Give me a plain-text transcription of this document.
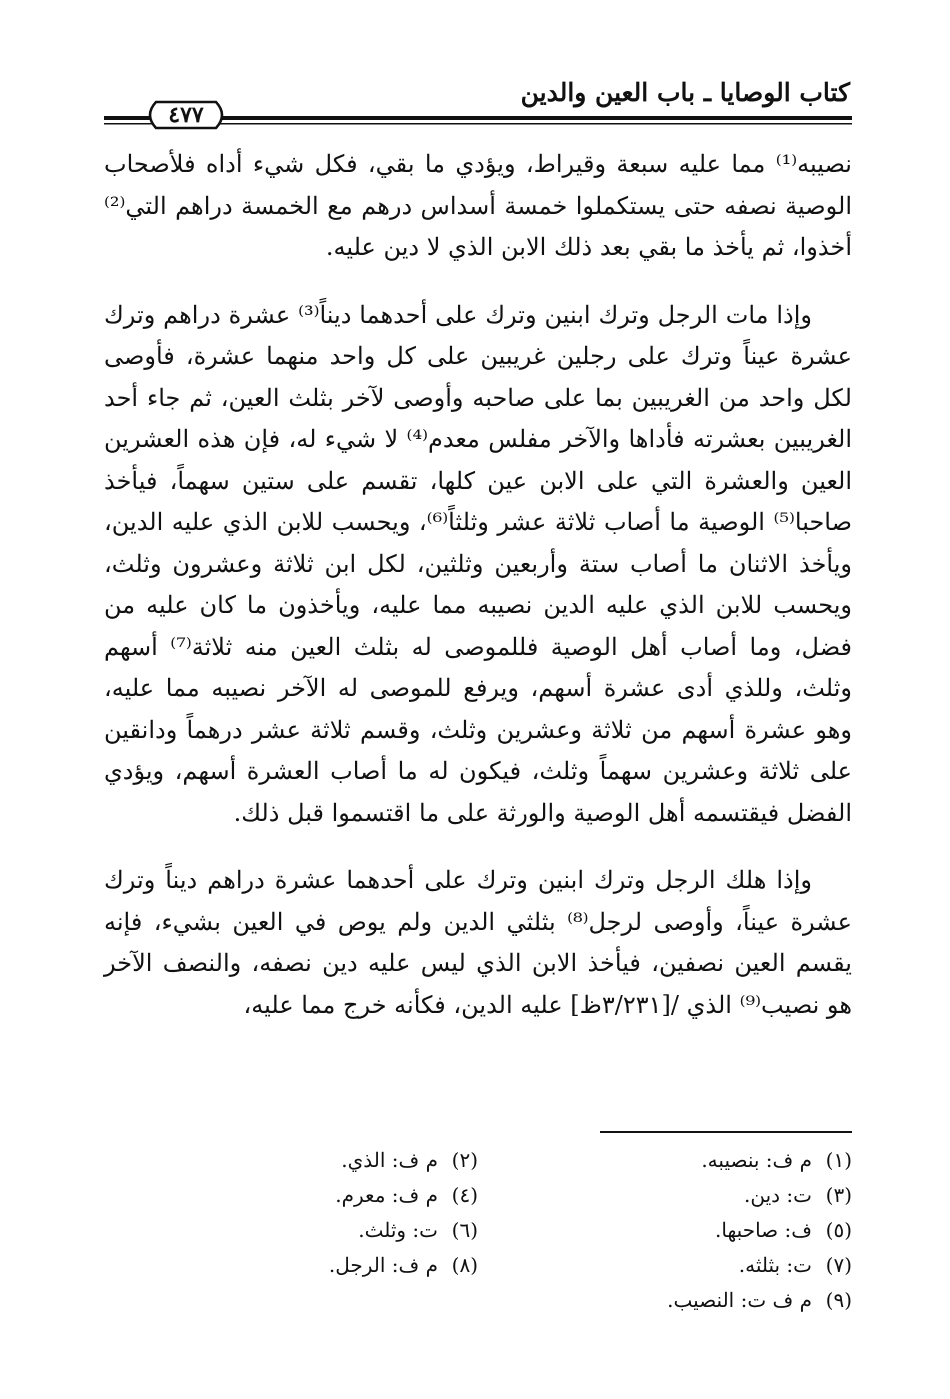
كتاب الوصايا ـ باب العين والدين
٤٧٧

نصيبه⁽¹⁾ مما عليه سبعة وقيراط، ويؤدي ما بقي، فكل شيء أداه فلأصحاب الوصية نصفه حتى يستكملوا خمسة أسداس درهم مع الخمسة دراهم التي⁽²⁾ أخذوا، ثم يأخذ ما بقي بعد ذلك الابن الذي لا دين عليه.

وإذا مات الرجل وترك ابنين وترك على أحدهما ديناً⁽³⁾ عشرة دراهم وترك عشرة عيناً وترك على رجلين غريبين على كل واحد منهما عشرة، فأوصى لكل واحد من الغريبين بما على صاحبه وأوصى لآخر بثلث العين، ثم جاء أحد الغريبين بعشرته فأداها والآخر مفلس معدم⁽⁴⁾ لا شيء له، فإن هذه العشرين العين والعشرة التي على الابن عين كلها، تقسم على ستين سهماً، فيأخذ صاحبا⁽⁵⁾ الوصية ما أصاب ثلاثة عشر وثلثاً⁽⁶⁾، ويحسب للابن الذي عليه الدين، ويأخذ الاثنان ما أصاب ستة وأربعين وثلثين، لكل ابن ثلاثة وعشرون وثلث، ويحسب للابن الذي عليه الدين نصيبه مما عليه، ويأخذون ما كان عليه من فضل، وما أصاب أهل الوصية فللموصى له بثلث العين منه ثلاثة⁽⁷⁾ أسهم وثلث، وللذي أدى عشرة أسهم، ويرفع للموصى له الآخر نصيبه مما عليه، وهو عشرة أسهم من ثلاثة وعشرين وثلث، وقسم ثلاثة عشر درهماً ودانقين على ثلاثة وعشرين سهماً وثلث، فيكون له ما أصاب العشرة أسهم، ويؤدي الفضل فيقتسمه أهل الوصية والورثة على ما اقتسموا قبل ذلك.

وإذا هلك الرجل وترك ابنين وترك على أحدهما عشرة دراهم ديناً وترك عشرة عيناً، وأوصى لرجل⁽⁸⁾ بثلثي الدين ولم يوص في العين بشيء، فإنه يقسم العين نصفين، فيأخذ الابن الذي ليس عليه دين نصفه، والنصف الآخر هو نصيب⁽⁹⁾ الذي /[٣/٢٣١ظ] عليه الدين، فكأنه خرج مما عليه،

(١)م ف: بنصيبه.
(٢)م ف: الذي.
(٣)ت: دين.
(٤)م ف: معرم.
(٥)ف: صاحبها.
(٦)ت: وثلث.
(٧)ت: بثلثه.
(٨)م ف: الرجل.
(٩)م ف ت: النصيب.
